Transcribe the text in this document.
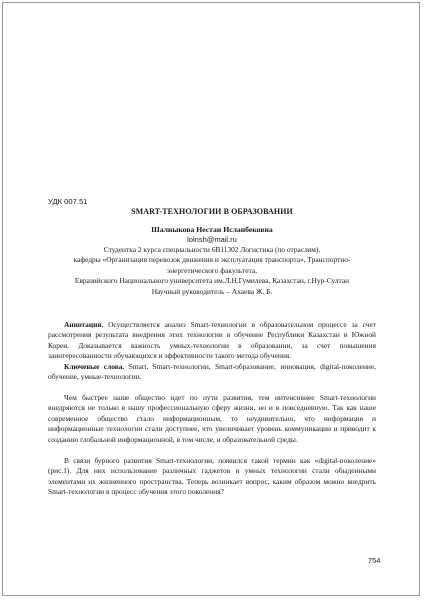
УДК 007.51
SMART-ТЕХНОЛОГИИ В ОБРАЗОВАНИИ
Шалныкова Нестан Исланбековна
lolnsh@mail.ru
Студентка 2 курса специальности 6В11302 Логистика (по отраслям),
кафедры «Организация перевозок движения и эксплуатация транспорта», Транспортно-
энергетического факультета,
Евразийского Национального университета им.Л.Н.Гумилева, Казахстан, г.Нур-Султан
Научный руководитель – Ахаева Ж. Б.

Аннотация. Осуществляется анализ Smart-технологии в образовательном процессе за счет рассмотрения результата внедрения этих технологии в обучение Республики Казахстан и Южной Кореи. Доказывается важность умных-технологии в образовании, за счет повышения заинтересованности обучающихся и эффективности такого метода обучения.

Ключевые слова. Smart, Smart-технологии, Smart-образование, инновация, digital-поколение, обучение, умные-технологии.

Чем быстрее наше общество идет по пути развития, тем интенсивнее Smart-технологии внедряются не только в нашу профессиональную сферу жизни, но и в повседневную. Так как наше современное общество стало информационным, то неудивительно, что информация и информационные технологии стали доступнее, что увеличивает уровень коммуникации и приводит к созданию глобальной информационной, в том числе, и образовательной среды.

В связи бурного развития Smart-технологии, появился такой термин как «digital-поколение» (рис.1). Для них использование различных гаджетов и умных технологии стали обыденными элементами их жизненного пространства. Теперь возникает вопрос, каким образом можно внедрить Smart-технологии в процесс обучения этого поколения?

754
